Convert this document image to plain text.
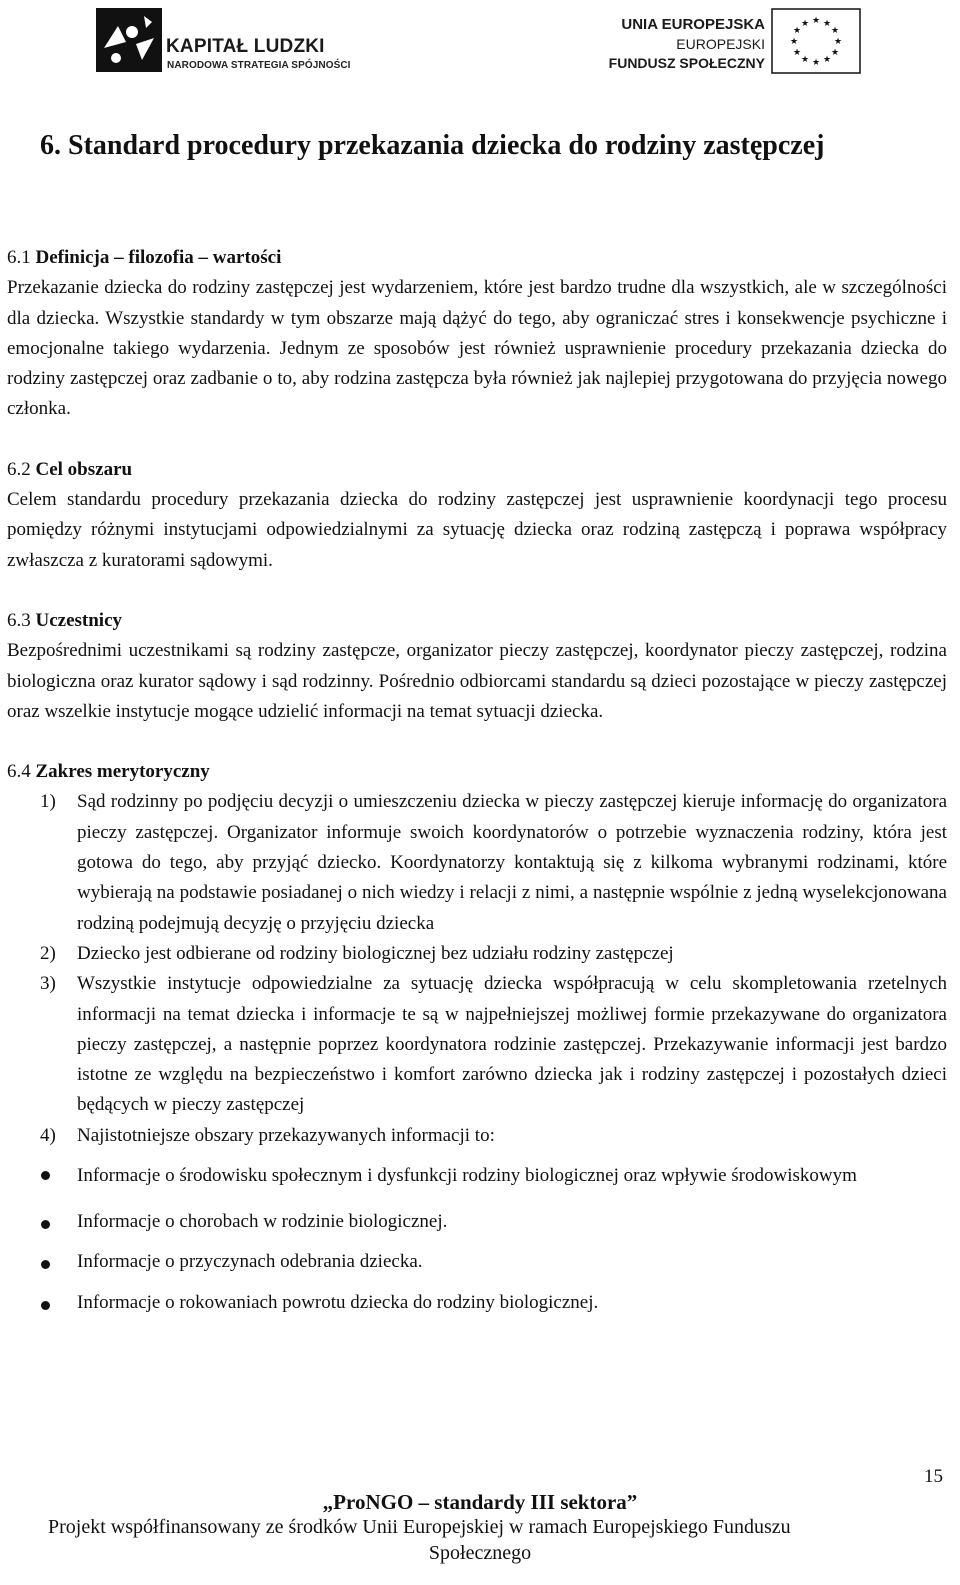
KAPITAŁ LUDZKI
NARODOWA STRATEGIA SPÓJNOŚCI
UNIA EUROPEJSKA
EUROPEJSKI
FUNDUSZ SPOŁECZNY
★ ★
★
★
★
★
★
★
★
★
★
★
6. Standard procedury przekazania dziecka do rodziny zastępczej
6.1 Definicja – filozofia – wartości

Przekazanie dziecka do rodziny zastępczej jest wydarzeniem, które jest bardzo trudne dla wszystkich, ale w szczególności dla dziecka. Wszystkie standardy w tym obszarze mają dążyć do tego, aby ograniczać stres i konsekwencje psychiczne i emocjonalne takiego wydarzenia. Jednym ze sposobów jest również usprawnienie procedury przekazania dziecka do rodziny zastępczej oraz zadbanie o to, aby rodzina zastępcza była również jak najlepiej przygotowana do przyjęcia nowego członka.

6.2 Cel obszaru

Celem standardu procedury przekazania dziecka do rodziny zastępczej jest usprawnienie koordynacji tego procesu pomiędzy różnymi instytucjami odpowiedzialnymi za sytuację dziecka oraz rodziną zastępczą i poprawa współpracy zwłaszcza z kuratorami sądowymi.

6.3 Uczestnicy

Bezpośrednimi uczestnikami są rodziny zastępcze, organizator pieczy zastępczej, koordynator pieczy zastępczej, rodzina biologiczna oraz kurator sądowy i sąd rodzinny. Pośrednio odbiorcami standardu są dzieci pozostające w pieczy zastępczej oraz wszelkie instytucje mogące udzielić informacji na temat sytuacji dziecka.

6.4 Zakres merytoryczny
1) Sąd rodzinny po podjęciu decyzji o umieszczeniu dziecka w pieczy zastępczej kieruje informację do organizatora pieczy zastępczej. Organizator informuje swoich koordynatorów o potrzebie wyznaczenia rodziny, która jest gotowa do tego, aby przyjąć dziecko. Koordynatorzy kontaktują się z kilkoma wybranymi rodzinami, które wybierają na podstawie posiadanej o nich wiedzy i relacji z nimi, a następnie wspólnie z jedną wyselekcjonowana rodziną podejmują decyzję o przyjęciu dziecka
2) Dziecko jest odbierane od rodziny biologicznej bez udziału rodziny zastępczej
3) Wszystkie instytucje odpowiedzialne za sytuację dziecka współpracują w celu skompletowania rzetelnych informacji na temat dziecka i informacje te są w najpełniejszej możliwej formie przekazywane do organizatora pieczy zastępczej, a następnie poprzez koordynatora rodzinie zastępczej. Przekazywanie informacji jest bardzo istotne ze względu na bezpieczeństwo i komfort zarówno dziecka jak i rodziny zastępczej i pozostałych dzieci będących w pieczy zastępczej
4) Najistotniejsze obszary przekazywanych informacji to:
Informacje o środowisku społecznym i dysfunkcji rodziny biologicznej oraz wpływie środowiskowym
Informacje o chorobach w rodzinie biologicznej.
Informacje o przyczynach odebrania dziecka.
Informacje o rokowaniach powrotu dziecka do rodziny biologicznej.
15
„ProNGO – standardy III sektora”
Projekt współfinansowany ze środków Unii Europejskiej w ramach Europejskiego Funduszu
Społecznego
